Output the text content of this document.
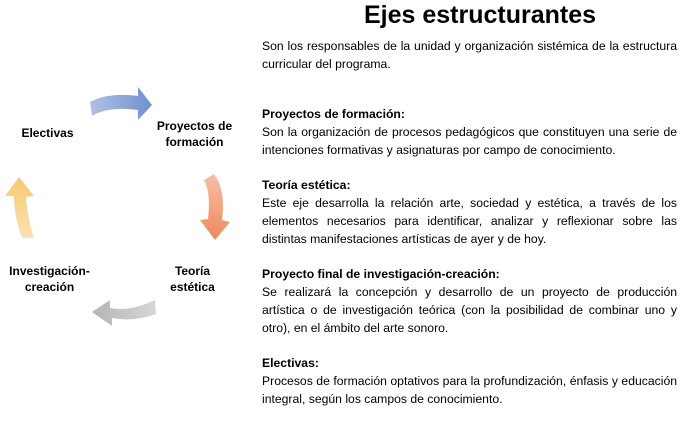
Ejes estructurantes

Son los responsables de la unidad y organización sistémica de la estructura curricular del programa.

Proyectos de formación:

Son la organización de procesos pedagógicos que constituyen una serie de intenciones formativas y asignaturas por campo de conocimiento.

Teoría estética:

Este eje desarrolla la relación arte, sociedad y estética, a través de los elementos necesarios para identificar, analizar y reflexionar sobre las distintas manifestaciones artísticas de ayer y de hoy.

Proyecto final de investigación-creación:

Se realizará la concepción y desarrollo de un proyecto de producción artística o de investigación teórica (con la posibilidad de combinar uno y otro), en el ámbito del arte sonoro.

Electivas:

Procesos de formación optativos para la profundización, énfasis y educación integral, según los campos de conocimiento.

Proyectos de
formación
Electivas
Teoría
estética
Investigación-
creación
